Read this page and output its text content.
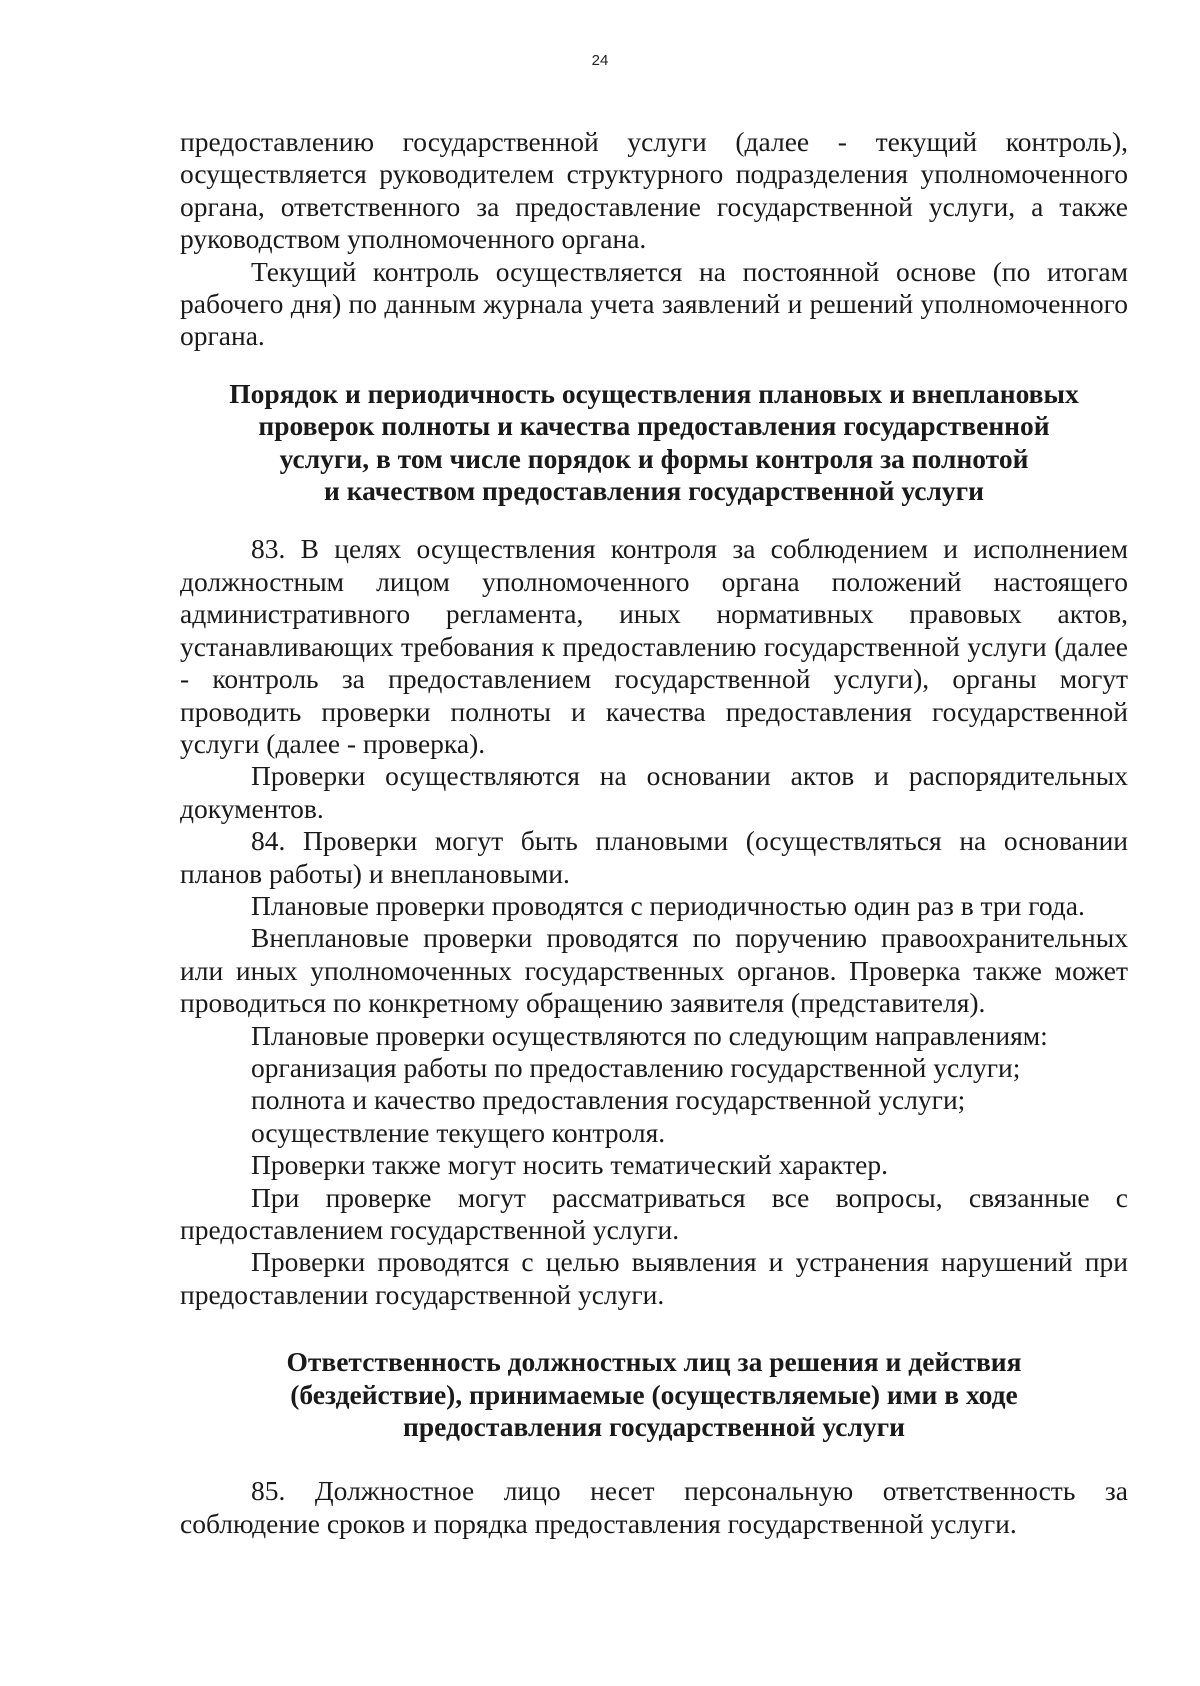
24

предоставлению государственной услуги (далее - текущий контроль), осуществляется руководителем структурного подразделения уполномоченного органа, ответственного за предоставление государственной услуги, а также руководством уполномоченного органа.

Текущий контроль осуществляется на постоянной основе (по итогам рабочего дня) по данным журнала учета заявлений и решений уполномоченного органа.

Порядок и периодичность осуществления плановых и внеплановых

проверок полноты и качества предоставления государственной

услуги, в том числе порядок и формы контроля за полнотой

и качеством предоставления государственной услуги

83. В целях осуществления контроля за соблюдением и исполнением должностным лицом уполномоченного органа положений настоящего административного регламента, иных нормативных правовых актов, устанавливающих требования к предоставлению государственной услуги (далее - контроль за предоставлением государственной услуги), органы могут проводить проверки полноты и качества предоставления государственной услуги (далее - проверка).

Проверки осуществляются на основании актов и распорядительных документов.

84. Проверки могут быть плановыми (осуществляться на основании планов работы) и внеплановыми.

Плановые проверки проводятся с периодичностью один раз в три года.

Внеплановые проверки проводятся по поручению правоохранительных или иных уполномоченных государственных органов. Проверка также может проводиться по конкретному обращению заявителя (представителя).

Плановые проверки осуществляются по следующим направлениям:

организация работы по предоставлению государственной услуги;

полнота и качество предоставления государственной услуги;

осуществление текущего контроля.

Проверки также могут носить тематический характер.

При проверке могут рассматриваться все вопросы, связанные с предоставлением государственной услуги.

Проверки проводятся с целью выявления и устранения нарушений при предоставлении государственной услуги.

Ответственность должностных лиц за решения и действия

(бездействие), принимаемые (осуществляемые) ими в ходе

предоставления государственной услуги

85. Должностное лицо несет персональную ответственность за соблюдение сроков и порядка предоставления государственной услуги.
